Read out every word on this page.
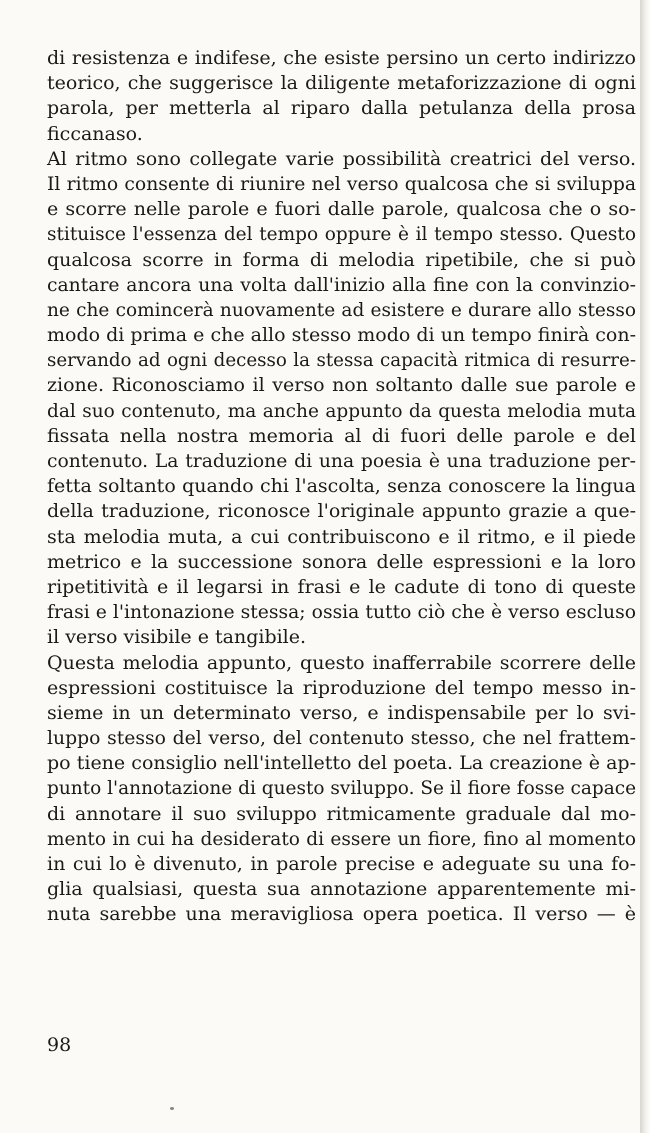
di resistenza e indifese, che esiste persino un certo indirizzo
teorico, che suggerisce la diligente metaforizzazione di ogni
parola, per metterla al riparo dalla petulanza della prosa
ficcanaso.
Al ritmo sono collegate varie possibilità creatrici del verso.
Il ritmo consente di riunire nel verso qualcosa che si sviluppa
e scorre nelle parole e fuori dalle parole, qualcosa che o so-
stituisce l'essenza del tempo oppure è il tempo stesso. Questo
qualcosa scorre in forma di melodia ripetibile, che si può
cantare ancora una volta dall'inizio alla fine con la convinzio-
ne che comincerà nuovamente ad esistere e durare allo stesso
modo di prima e che allo stesso modo di un tempo finirà con-
servando ad ogni decesso la stessa capacità ritmica di resurre-
zione. Riconosciamo il verso non soltanto dalle sue parole e
dal suo contenuto, ma anche appunto da questa melodia muta
fissata nella nostra memoria al di fuori delle parole e del
contenuto. La traduzione di una poesia è una traduzione per-
fetta soltanto quando chi l'ascolta, senza conoscere la lingua
della traduzione, riconosce l'originale appunto grazie a que-
sta melodia muta, a cui contribuiscono e il ritmo, e il piede
metrico e la successione sonora delle espressioni e la loro
ripetitività e il legarsi in frasi e le cadute di tono di queste
frasi e l'intonazione stessa; ossia tutto ciò che è verso escluso
il verso visibile e tangibile.
Questa melodia appunto, questo inafferrabile scorrere delle
espressioni costituisce la riproduzione del tempo messo in-
sieme in un determinato verso, e indispensabile per lo svi-
luppo stesso del verso, del contenuto stesso, che nel frattem-
po tiene consiglio nell'intelletto del poeta. La creazione è ap-
punto l'annotazione di questo sviluppo. Se il fiore fosse capace
di annotare il suo sviluppo ritmicamente graduale dal mo-
mento in cui ha desiderato di essere un fiore, fino al momento
in cui lo è divenuto, in parole precise e adeguate su una fo-
glia qualsiasi, questa sua annotazione apparentemente mi-
nuta sarebbe una meravigliosa opera poetica. Il verso — è
98
